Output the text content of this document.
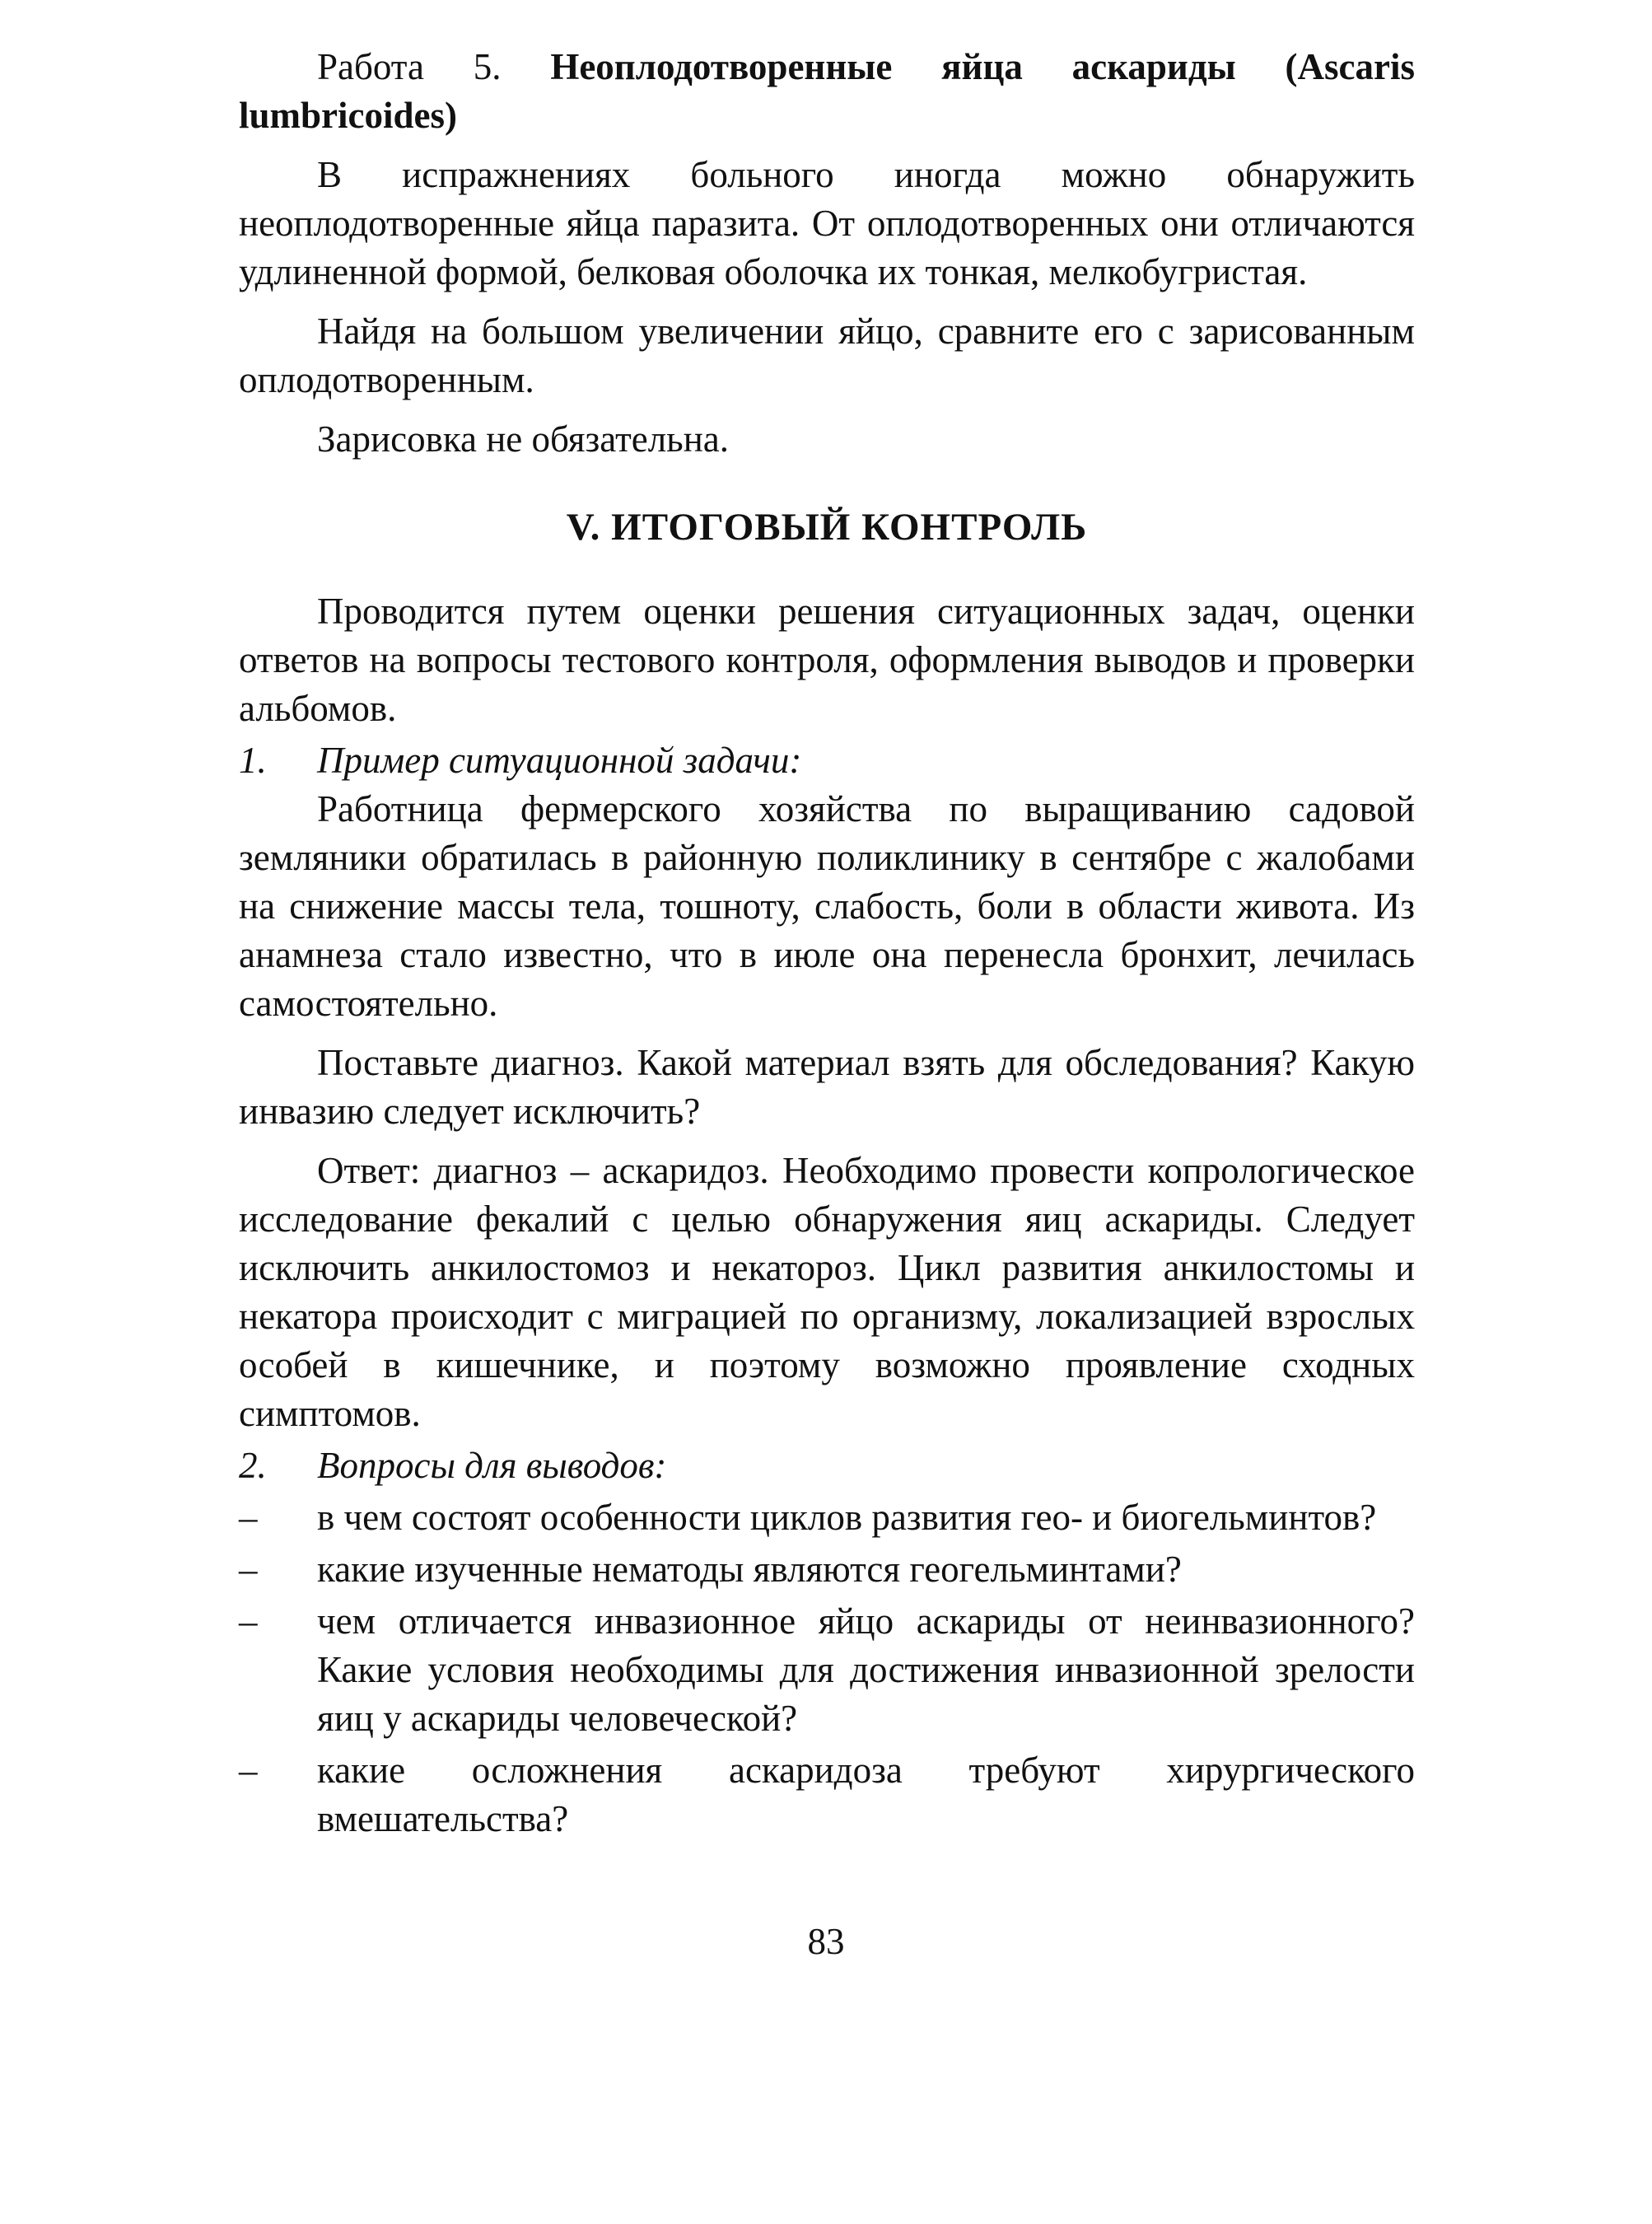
Работа 5. Неоплодотворенные яйца аскариды (Ascaris lumbricoides)

В испражнениях больного иногда можно обнаружить неоплодотворенные яйца паразита. От оплодотворенных они отличаются удлиненной формой, белковая оболочка их тонкая, мелкобугристая.

Найдя на большом увеличении яйцо, сравните его с зарисованным оплодотворенным.

Зарисовка не обязательна.

V. ИТОГОВЫЙ КОНТРОЛЬ

Проводится путем оценки решения ситуационных задач, оценки ответов на вопросы тестового контроля, оформления выводов и проверки альбомов.

1.	Пример ситуационной задачи:

Работница фермерского хозяйства по выращиванию садовой земляники обратилась в районную поликлинику в сентябре с жалобами на снижение массы тела, тошноту, слабость, боли в области живота. Из анамнеза стало известно, что в июле она перенесла бронхит, лечилась самостоятельно.

Поставьте диагноз. Какой материал взять для обследования? Какую инвазию следует исключить?

Ответ: диагноз – аскаридоз. Необходимо провести копрологическое исследование фекалий с целью обнаружения яиц аскариды. Следует исключить анкилостомоз и некатороз. Цикл развития анкилостомы и некатора происходит с миграцией по организму, локализацией взрослых особей в кишечнике, и поэтому возможно проявление сходных симптомов.

2.	Вопросы для выводов:
–	в чем состоят особенности циклов развития гео- и биогельминтов?
–	какие изученные нематоды являются геогельминтами?
–	чем отличается инвазионное яйцо аскариды от неинвазионного? Какие условия необходимы для достижения инвазионной зрелости яиц у аскариды человеческой?
–	какие осложнения аскаридоза требуют хирургического вмешательства?
83
